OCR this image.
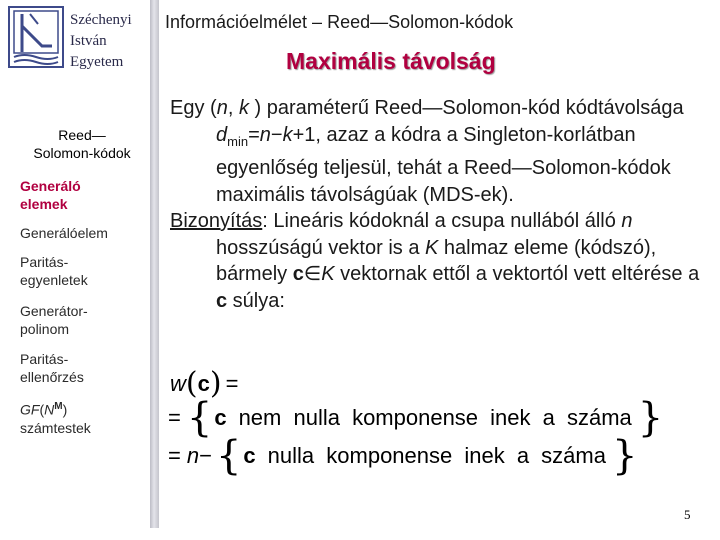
Széchenyi
István
Egyetem
Információelmélet – Reed—Solomon-kódok
Maximális távolság
Reed—
Solomon-kódok
Generáló
elemek
Generálóelem
Paritás-
egyenletek
Generátor-
polinom
Paritás-
ellenőrzés
$GF(N^M)$
számtestek
Egy (n, k ) paraméterű Reed—Solomon-kód kódtávolsága $d_{min}=n-k+1$, azaz a kódra a Singleton-korlátban egyenlőség teljesül, tehát a Reed—Solomon-kódok maximális távolságúak (MDS-ek).
Bizonyítás: Lineáris kódoknál a csupa nullából álló n hosszúságú vektor is a K halmaz eleme (kódszó), bármely c∈K vektornak ettől a vektortól vett eltérése a c súlya:
w ( c ) =
= { c nem nulla komponense inek a száma }
= n − { c nulla komponense inek a száma }
5
